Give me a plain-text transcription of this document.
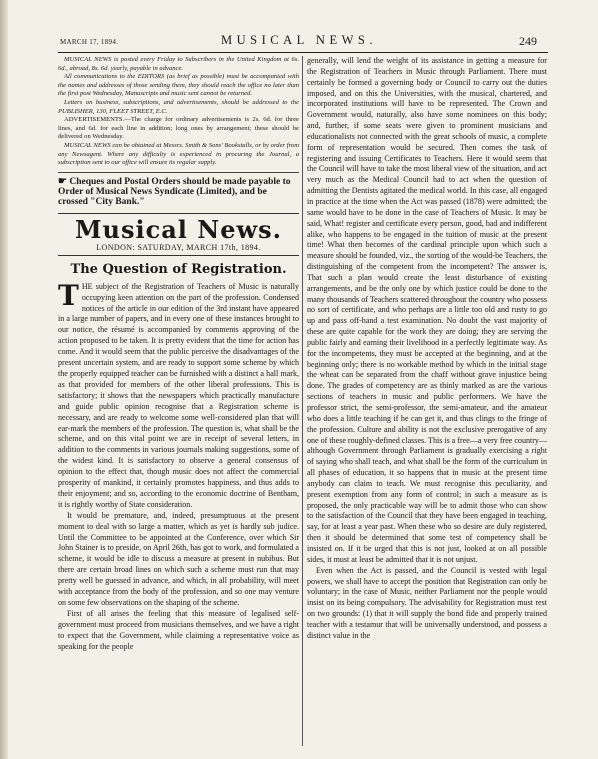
MARCH 17, 1894.	MUSICAL NEWS.	249

MUSICAL NEWS is posted every Friday to Subscribers in the United Kingdom at 6s. 6d., abroad, 8s. 6d. yearly, payable in advance.

All communications to the EDITORS (as brief as possible) must be accompanied with the names and addresses of those sending them, they should reach the office no later than the first post Wednesday, Manuscripts and music sent cannot be returned.

Letters on business, subscriptions, and advertisements, should be addressed to the PUBLISHER, 130, FLEET STREET, E.C.

ADVERTISEMENTS.—The charge for ordinary advertisements is 2s. 6d. for three lines, and 6d. for each line in addition; long ones by arrangement; these should be delivered on Wednesday.

MUSICAL NEWS can be obtained at Messrs. Smith & Sons' Bookstalls, or by order from any Newsagent. Where any difficulty is experienced in procuring the Journal, a subscription sent to our office will ensure its regular supply.

☛ Cheques and Postal Orders should be made payable to Order of Musical News Syndicate (Limited), and be crossed "City Bank."
Musical News.
LONDON: SATURDAY, MARCH 17th, 1894.
The Question of Registration.

THE subject of the Registration of Teachers of Music is naturally occupying keen attention on the part of the profession. Condensed notices of the article in our edition of the 3rd instant have appeared in a large number of papers, and in every one of these instances brought to our notice, the résumé is accompanied by comments approving of the action proposed to be taken. It is pretty evident that the time for action has come. And it would seem that the public perceive the disadvantages of the present uncertain system, and are ready to support some scheme by which the properly equipped teacher can be furnished with a distinct a hall mark, as that provided for members of the other liberal professions. This is satisfactory; it shows that the newspapers which practically manufacture and guide public opinion recognise that a Registration scheme is necessary, and are ready to welcome some well-considered plan that will ear-mark the members of the profession. The question is, what shall be the scheme, and on this vital point we are in receipt of several letters, in addition to the comments in various journals making suggestions, some of the widest kind. It is satisfactory to observe a general consensus of opinion to the effect that, though music does not affect the commercial prosperity of mankind, it certainly promotes happiness, and thus adds to their enjoyment; and so, according to the economic doctrine of Bentham, it is rightly worthy of State consideration.

It would be premature, and, indeed, presumptuous at the present moment to deal with so large a matter, which as yet is hardly sub judice. Until the Committee to be appointed at the Conference, over which Sir John Stainer is to preside, on April 26th, has got to work, and formulated a scheme, it would be idle to discuss a measure at present in nubibus. But there are certain broad lines on which such a scheme must run that may pretty well be guessed in advance, and which, in all probability, will meet with acceptance from the body of the profession, and so one may venture on some few observations on the shaping of the scheme.

First of all arises the feeling that this measure of legalised self-government must proceed from musicians themselves, and we have a right to expect that the Government, while claiming a representative voice as speaking for the people

generally, will lend the weight of its assistance in getting a measure for the Registration of Teachers in Music through Parliament. There must certainly be formed a governing body or Council to carry out the duties imposed, and on this the Universities, with the musical, chartered, and incorporated institutions will have to be represented. The Crown and Government would, naturally, also have some nominees on this body; and, further, if some seats were given to prominent musicians and educationalists not connected with the great schools of music, a complete form of representation would be secured. Then comes the task of registering and issuing Certificates to Teachers. Here it would seem that the Council will have to take the most liberal view of the situation, and act very much as the Medical Council had to act when the question of admitting the Dentists agitated the medical world. In this case, all engaged in practice at the time when the Act was passed (1878) were admitted; the same would have to be done in the case of Teachers of Music. It may be said, What! register and certificate every person, good, bad and indifferent alike, who happens to be engaged in the tuition of music at the present time! What then becomes of the cardinal principle upon which such a measure should be founded, viz., the sorting of the would-be Teachers, the distinguishing of the competent from the incompetent? The answer is, That such a plan would create the least disturbance of existing arrangements, and be the only one by which justice could be done to the many thousands of Teachers scattered throughout the country who possess no sort of certificate, and who perhaps are a little too old and rusty to go up and pass off-hand a test examination. No doubt the vast majority of these are quite capable for the work they are doing; they are serving the public fairly and earning their livelihood in a perfectly legitimate way. As for the incompetents, they must be accepted at the beginning, and at the beginning only; there is no workable method by which in the initial stage the wheat can be separated from the chaff without grave injustice being done. The grades of competency are as thinly marked as are the various sections of teachers in music and public performers. We have the professor strict, the semi-professor, the semi-amateur, and the amateur who does a little teaching if he can get it, and thus clings to the fringe of the profession. Culture and ability is not the exclusive prerogative of any one of these roughly-defined classes. This is a free—a very free country—although Government through Parliament is gradually exercising a right of saying who shall teach, and what shall be the form of the curriculum in all phases of education, it so happens that in music at the present time anybody can claim to teach. We must recognise this peculiarity, and present exemption from any form of control; in such a measure as is proposed, the only practicable way will be to admit those who can show to the satisfaction of the Council that they have been engaged in teaching, say, for at least a year past. When these who so desire are duly registered, then it should be determined that some test of competency shall be insisted on. If it be urged that this is not just, looked at on all possible sides, it must at least be admitted that it is not unjust.

Even when the Act is passed, and the Council is vested with legal powers, we shall have to accept the position that Registration can only be voluntary; in the case of Music, neither Parliament nor the people would insist on its being compulsory. The advisability for Registration must rest on two grounds: (1) that it will supply the bond fide and properly trained teacher with a testamur that will be universally understood, and possess a distinct value in the
